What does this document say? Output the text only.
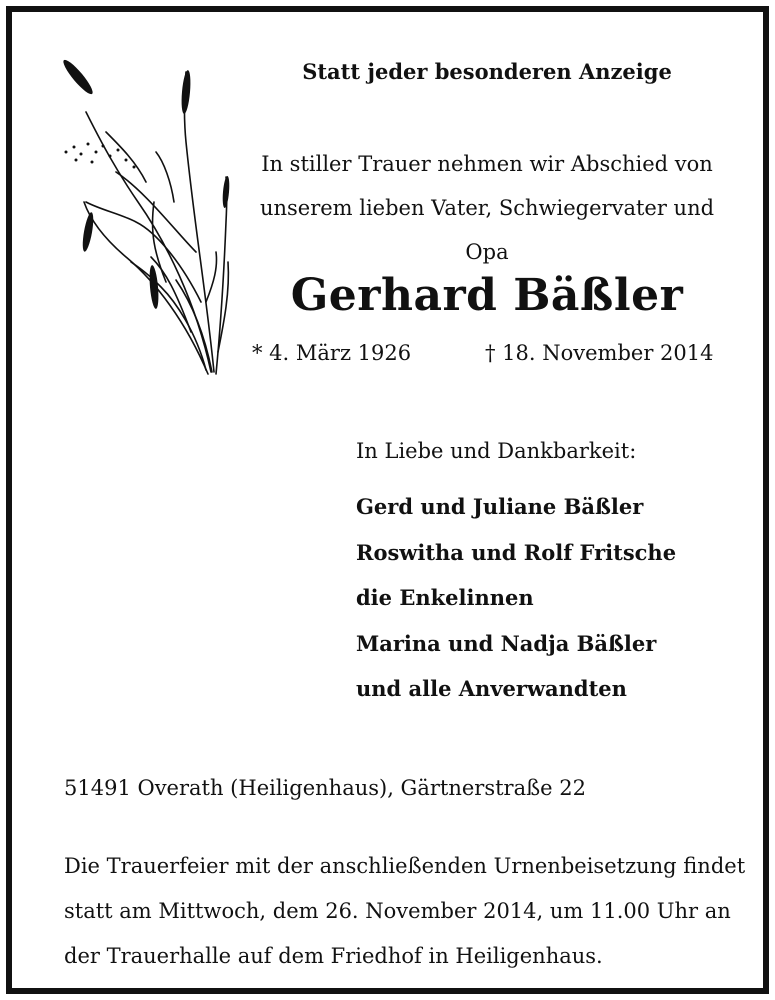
Statt jeder besonderen Anzeige
In stiller Trauer nehmen wir Abschied von
unserem lieben Vater, Schwiegervater und Opa
Gerhard Bäßler
* 4. März 1926	† 18. November 2014
In Liebe und Dankbarkeit:
Gerd und Juliane Bäßler
Roswitha und Rolf Fritsche
die Enkelinnen
Marina und Nadja Bäßler
und alle Anverwandten
51491 Overath (Heiligenhaus), Gärtnerstraße 22
Die Trauerfeier mit der anschließenden Urnenbeisetzung findet
statt am Mittwoch, dem 26. November 2014, um 11.00 Uhr an
der Trauerhalle auf dem Friedhof in Heiligenhaus.
